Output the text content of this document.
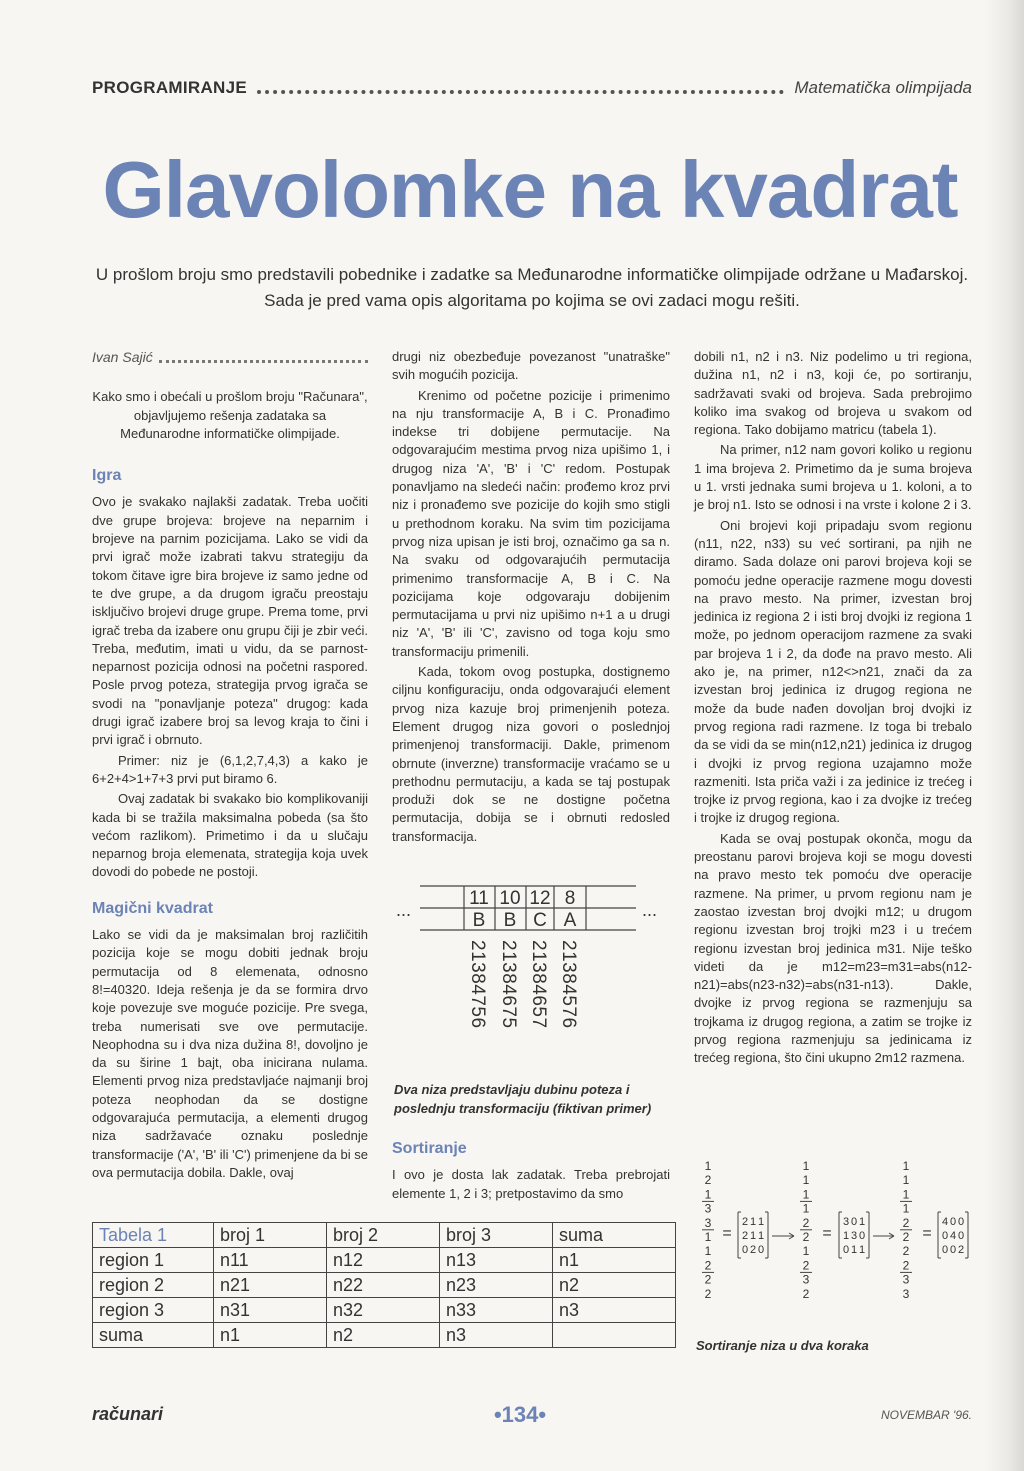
PROGRAMIRANJE	Matematička olimpijada
Glavolomke na kvadrat
U prošlom broju smo predstavili pobednike i zadatke sa Međunarodne informatičke olimpijade održane u Mađarskoj. Sada je pred vama opis algoritama po kojima se ovi zadaci mogu rešiti.
Ivan Sajić

Kako smo i obećali u prošlom broju "Računara", objavljujemo rešenja zadataka sa Međunarodne informatičke olimpijade.

Igra

Ovo je svakako najlakši zadatak. Treba uočiti dve grupe brojeva: brojeve na neparnim i brojeve na parnim pozicijama. Lako se vidi da prvi igrač može izabrati takvu strategiju da tokom čitave igre bira brojeve iz samo jedne od te dve grupe, a da drugom igraču preostaju isključivo brojevi druge grupe. Prema tome, prvi igrač treba da izabere onu grupu čiji je zbir veći. Treba, međutim, imati u vidu, da se parnost-neparnost pozicija odnosi na početni raspored. Posle prvog poteza, strategija prvog igrača se svodi na "ponavljanje poteza" drugog: kada drugi igrač izabere broj sa levog kraja to čini i prvi igrač i obrnuto.

Primer: niz je (6,1,2,7,4,3) a kako je 6+2+4>1+7+3 prvi put biramo 6.

Ovaj zadatak bi svakako bio komplikovaniji kada bi se tražila maksimalna pobeda (sa što većom razlikom). Primetimo i da u slučaju neparnog broja elemenata, strategija koja uvek dovodi do pobede ne postoji.

Magični kvadrat

Lako se vidi da je maksimalan broj različitih pozicija koje se mogu dobiti jednak broju permutacija od 8 elemenata, odnosno 8!=40320. Ideja rešenja je da se formira drvo koje povezuje sve moguće pozicije. Pre svega, treba numerisati sve ove permutacije. Neophodna su i dva niza dužina 8!, dovoljno je da su širine 1 bajt, oba inicirana nulama. Elementi prvog niza predstavljaće najmanji broj poteza neophodan da se dostigne odgovarajuća permutacija, a elementi drugog niza sadržavaće oznaku poslednje transformacije ('A', 'B' ili 'C') primenjene da bi se ova permutacija dobila. Dakle, ovaj

drugi niz obezbeđuje povezanost "unatraške" svih mogućih pozicija.

Krenimo od početne pozicije i primenimo na nju transformacije A, B i C. Pronađimo indekse tri dobijene permutacije. Na odgovarajućim mestima prvog niza upišimo 1, i drugog niza 'A', 'B' i 'C' redom. Postupak ponavljamo na sledeći način: prođemo kroz prvi niz i pronađemo sve pozicije do kojih smo stigli u prethodnom koraku. Na svim tim pozicijama prvog niza upisan je isti broj, označimo ga sa n. Na svaku od odgovarajućih permutacija primenimo transformacije A, B i C. Na pozicijama koje odgovaraju dobijenim permutacijama u prvi niz upišimo n+1 a u drugi niz 'A', 'B' ili 'C', zavisno od toga koju smo transformaciju primenili.

Kada, tokom ovog postupka, dostignemo ciljnu konfiguraciju, onda odgovarajući element prvog niza kazuje broj primenjenih poteza. Element drugog niza govori o poslednjoj primenjenoj transformaciji. Dakle, primenom obrnute (inverzne) transformacije vraćamo se u prethodnu permutaciju, a kada se taj postupak produži dok se ne dostigne početna permutacija, dobija se i obrnuti redosled transformacija.

...	...
11 10 12 8
B B C A
21384756 21384675 21384657 21384576
Dva niza predstavljaju dubinu poteza i poslednju transformaciju (fiktivan primer)
Sortiranje

I ovo je dosta lak zadatak. Treba prebrojati elemente 1, 2 i 3; pretpostavimo da smo

dobili n1, n2 i n3. Niz podelimo u tri regiona, dužina n1, n2 i n3, koji će, po sortiranju, sadržavati svaki od brojeva. Sada prebrojimo koliko ima svakog od brojeva u svakom od regiona. Tako dobijamo matricu (tabela 1).

Na primer, n12 nam govori koliko u regionu 1 ima brojeva 2. Primetimo da je suma brojeva u 1. vrsti jednaka sumi brojeva u 1. koloni, a to je broj n1. Isto se odnosi i na vrste i kolone 2 i 3.

Oni brojevi koji pripadaju svom regionu (n11, n22, n33) su već sortirani, pa njih ne diramo. Sada dolaze oni parovi brojeva koji se pomoću jedne operacije razmene mogu dovesti na pravo mesto. Na primer, izvestan broj jedinica iz regiona 2 i isti broj dvojki iz regiona 1 može, po jednom operacijom razmene za svaki par brojeva 1 i 2, da dođe na pravo mesto. Ali ako je, na primer, n12<>n21, znači da za izvestan broj jedinica iz drugog regiona ne može da bude nađen dovoljan broj dvojki iz prvog regiona radi razmene. Iz toga bi trebalo da se vidi da se min(n12,n21) jedinica iz drugog i dvojki iz prvog regiona uzajamno može razmeniti. Ista priča važi i za jedinice iz trećeg i trojke iz prvog regiona, kao i za dvojke iz trećeg i trojke iz drugog regiona.

Kada se ovaj postupak okonča, mogu da preostanu parovi brojeva koji se mogu dovesti na pravo mesto tek pomoću dve operacije razmene. Na primer, u prvom regionu nam je zaostao izvestan broj dvojki m12; u drugom regionu izvestan broj trojki m23 i u trećem regionu izvestan broj jedinica m31. Nije teško videti da je m12=m23=m31=abs(n12-n21)=abs(n23-n32)=abs(n31-n13). Dakle, dvojke iz prvog regiona se razmenjuju sa trojkama iz drugog regiona, a zatim se trojke iz prvog regiona razmenjuju sa jedinicama iz trećeg regiona, što čini ukupno 2m12 razmena.

1
2
1
3
3
1
1
2
2
2
1
1
1
1
2
2
1
2
3
2
1
1
1
1
2
2
2
2
3
3
=	=	=
2 1 1
2 1 1
0 2 0
3 0 1
1 3 0
0 1 1
4 0 0
0 4 0
0 0 2
Sortiranje niza u dva koraka
Tabela 1	broj 1	broj 2	broj 3	suma
region 1	n11	n12	n13	n1
region 2	n21	n22	n23	n2
region 3	n31	n32	n33	n3
suma	n1	n2	n3	
računari	•134•	NOVEMBAR '96.
